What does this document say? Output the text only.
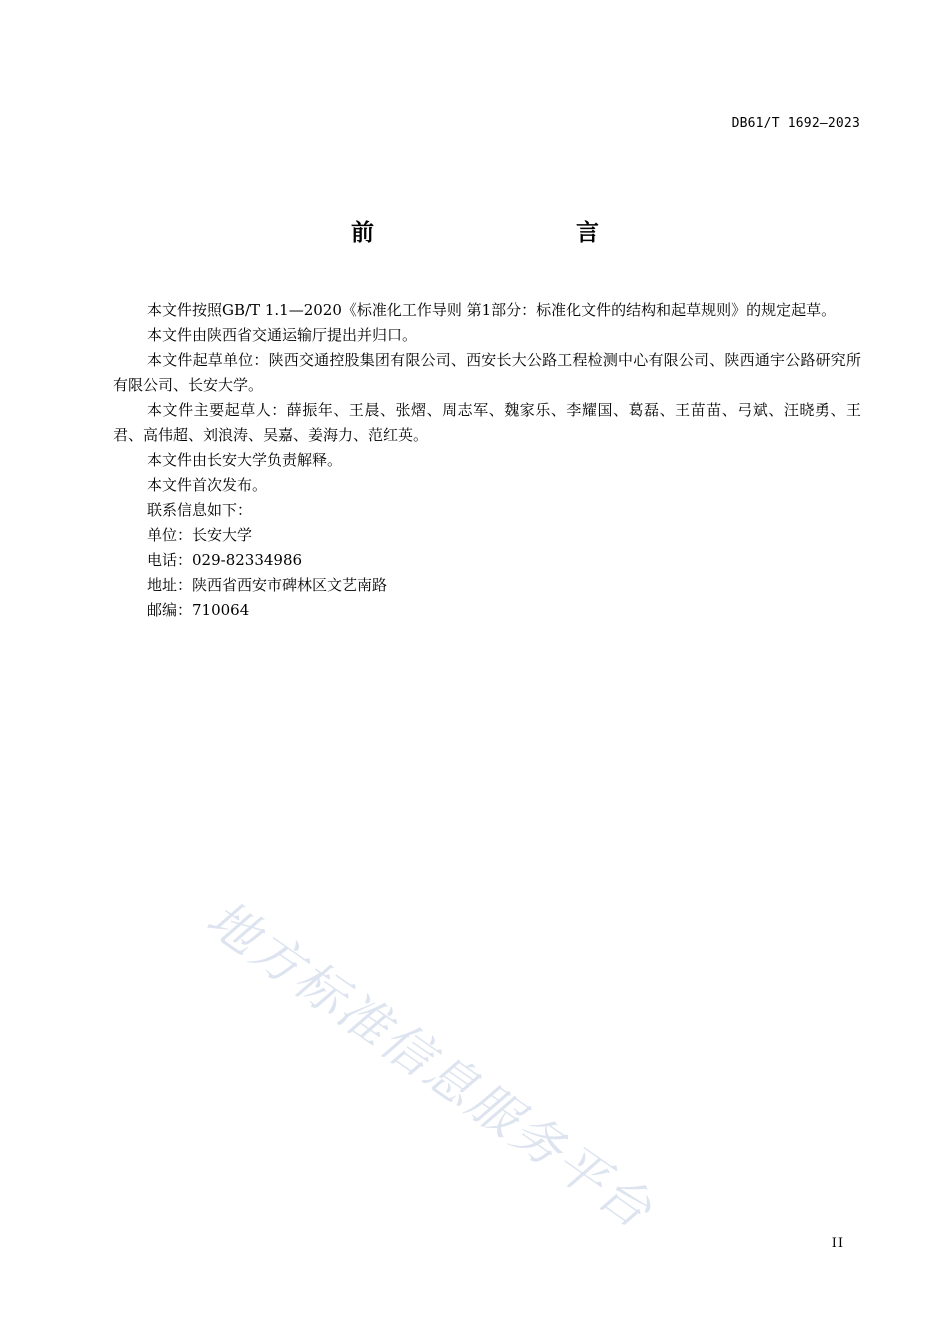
DB61/T 1692—2023
前　　言

本文件按照GB/T 1.1—2020《标准化工作导则 第1部分：标准化文件的结构和起草规则》的规定起草。

本文件由陕西省交通运输厅提出并归口。

本文件起草单位：陕西交通控股集团有限公司、西安长大公路工程检测中心有限公司、陕西通宇公路研究所有限公司、长安大学。

本文件主要起草人：薛振年、王晨、张熠、周志军、魏家乐、李耀国、葛磊、王苗苗、弓斌、汪晓勇、王君、高伟超、刘浪涛、吴嘉、姜海力、范红英。

本文件由长安大学负责解释。

本文件首次发布。

联系信息如下：

单位：长安大学

电话：029-82334986

地址：陕西省西安市碑林区文艺南路

邮编：710064

地方标准信息服务平台
II
